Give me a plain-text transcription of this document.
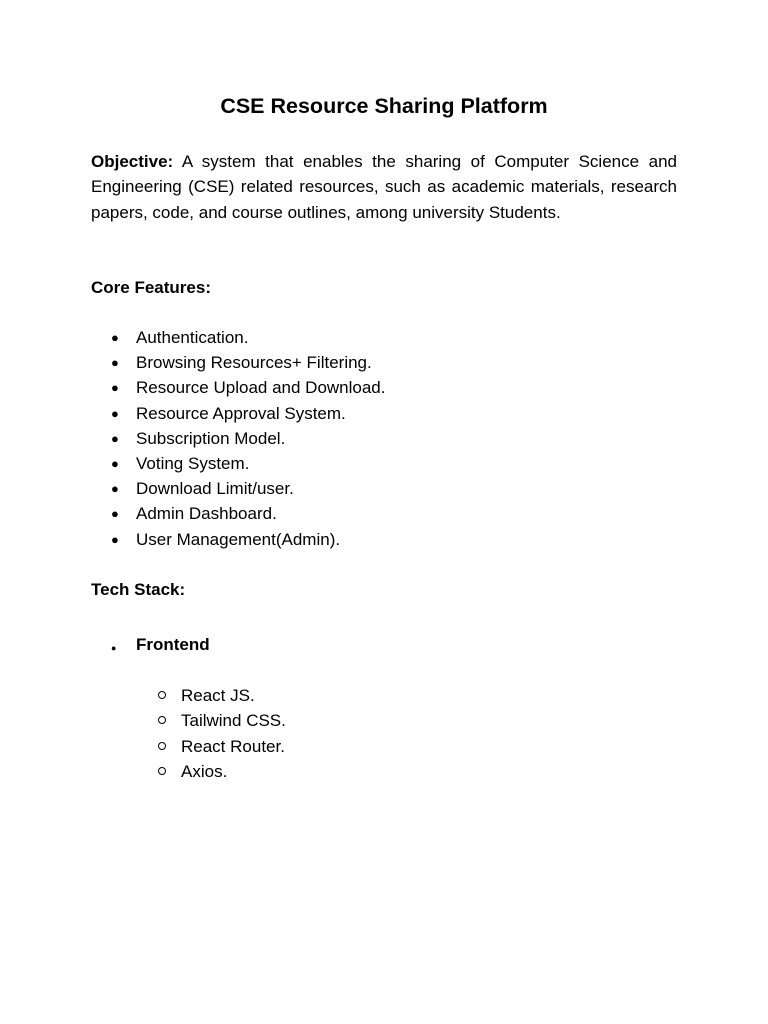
CSE Resource Sharing Platform

Objective: A system that enables the sharing of Computer Science and Engineering (CSE) related resources, such as academic materials, research papers, code, and course outlines, among university Students.

Core Features:

● Authentication.
● Browsing Resources+ Filtering.
● Resource Upload and Download.
● Resource Approval System.
● Subscription Model.
● Voting System.
● Download Limit/user.
● Admin Dashboard.
● User Management(Admin).

Tech Stack:

● Frontend
React JS.
Tailwind CSS.
React Router.
Axios.
